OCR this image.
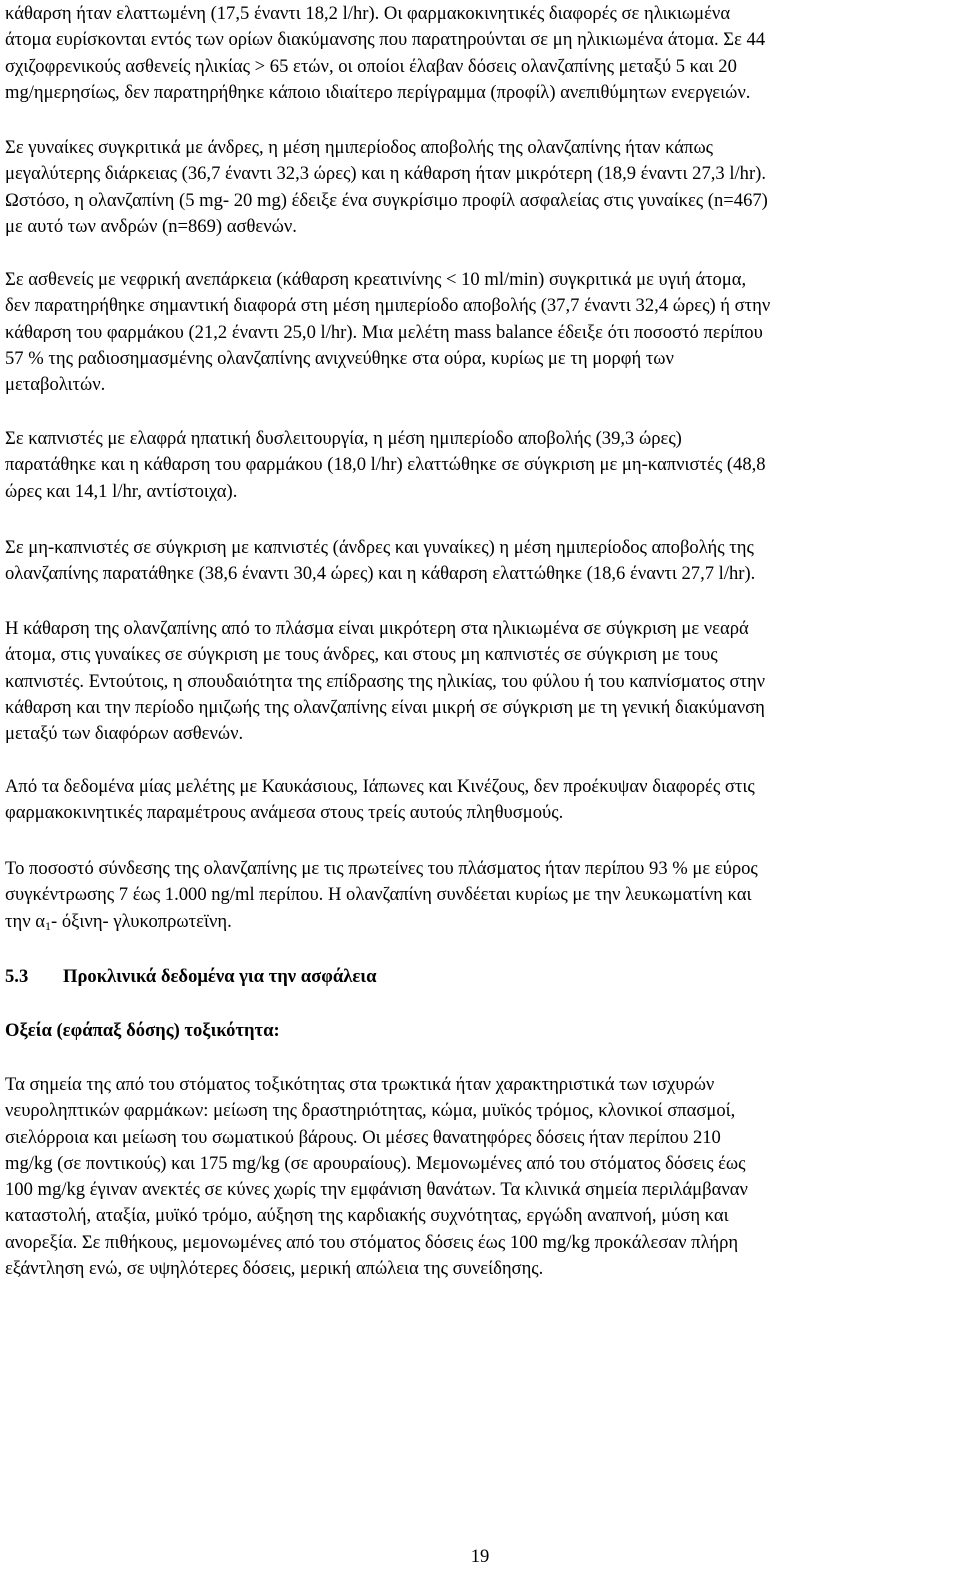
κάθαρση ήταν ελαττωμένη (17,5 έναντι 18,2 l/hr). Οι φαρμακοκινητικές διαφορές σε ηλικιωμένα
άτομα ευρίσκονται εντός των ορίων διακύμανσης που παρατηρούνται σε μη ηλικιωμένα άτομα. Σε 44
σχιζοφρενικούς ασθενείς ηλικίας > 65 ετών, οι οποίοι έλαβαν δόσεις ολανζαπίνης μεταξύ 5 και 20
mg/ημερησίως, δεν παρατηρήθηκε κάποιο ιδιαίτερο περίγραμμα (προφίλ) ανεπιθύμητων ενεργειών.

Σε γυναίκες συγκριτικά με άνδρες, η μέση ημιπερίοδος αποβολής της ολανζαπίνης ήταν κάπως
μεγαλύτερης διάρκειας (36,7 έναντι 32,3 ώρες) και η κάθαρση ήταν μικρότερη (18,9 έναντι 27,3 l/hr).
Ωστόσο, η ολανζαπίνη (5 mg- 20 mg) έδειξε ένα συγκρίσιμο προφίλ ασφαλείας στις γυναίκες (n=467)
με αυτό των ανδρών (n=869) ασθενών.

Σε ασθενείς με νεφρική ανεπάρκεια (κάθαρση κρεατινίνης < 10 ml/min) συγκριτικά με υγιή άτομα,
δεν παρατηρήθηκε σημαντική διαφορά στη μέση ημιπερίοδο αποβολής (37,7 έναντι 32,4 ώρες) ή στην
κάθαρση του φαρμάκου (21,2 έναντι 25,0 l/hr). Μια μελέτη mass balance έδειξε ότι ποσοστό περίπου
57 % της ραδιοσημασμένης ολανζαπίνης ανιχνεύθηκε στα ούρα, κυρίως με τη μορφή των
μεταβολιτών.

Σε καπνιστές με ελαφρά ηπατική δυσλειτουργία, η μέση ημιπερίοδο αποβολής (39,3 ώρες)
παρατάθηκε και η κάθαρση του φαρμάκου (18,0 l/hr) ελαττώθηκε σε σύγκριση με μη-καπνιστές (48,8
ώρες και 14,1 l/hr, αντίστοιχα).

Σε μη-καπνιστές σε σύγκριση με καπνιστές (άνδρες και γυναίκες) η μέση ημιπερίοδος αποβολής της
ολανζαπίνης παρατάθηκε (38,6 έναντι 30,4 ώρες) και η κάθαρση ελαττώθηκε (18,6 έναντι 27,7 l/hr).

Η κάθαρση της ολανζαπίνης από το πλάσμα είναι μικρότερη στα ηλικιωμένα σε σύγκριση με νεαρά
άτομα, στις γυναίκες σε σύγκριση με τους άνδρες, και στους μη καπνιστές σε σύγκριση με τους
καπνιστές. Εντούτοις, η σπουδαιότητα της επίδρασης της ηλικίας, του φύλου ή του καπνίσματος στην
κάθαρση και την περίοδο ημιζωής της ολανζαπίνης είναι μικρή σε σύγκριση με τη γενική διακύμανση
μεταξύ των διαφόρων ασθενών.

Από τα δεδομένα μίας μελέτης με Καυκάσιους, Ιάπωνες και Κινέζους, δεν προέκυψαν διαφορές στις
φαρμακοκινητικές παραμέτρους ανάμεσα στους τρείς αυτούς πληθυσμούς.

Το ποσοστό σύνδεσης της ολανζαπίνης με τις πρωτείνες του πλάσματος ήταν περίπου 93 % με εύρος
συγκέντρωσης 7 έως 1.000 ng/ml περίπου. Η ολανζαπίνη συνδέεται κυρίως με την λευκωματίνη και
την $\alpha_1-$ όξινη- γλυκοπρωτεϊνη.

5.3 Προκλινικά δεδομένα για την ασφάλεια
Οξεία (εφάπαξ δόσης) τοξικότητα:

Τα σημεία της από του στόματος τοξικότητας στα τρωκτικά ήταν χαρακτηριστικά των ισχυρών
νευροληπτικών φαρμάκων: μείωση της δραστηριότητας, κώμα, μυϊκός τρόμος, κλονικοί σπασμοί,
σιελόρροια και μείωση του σωματικού βάρους. Οι μέσες θανατηφόρες δόσεις ήταν περίπου 210
mg/kg (σε ποντικούς) και 175 mg/kg (σε αρουραίους). Μεμονωμένες από του στόματος δόσεις έως
100 mg/kg έγιναν ανεκτές σε κύνες χωρίς την εμφάνιση θανάτων. Τα κλινικά σημεία περιλάμβαναν
καταστολή, αταξία, μυϊκό τρόμο, αύξηση της καρδιακής συχνότητας, εργώδη αναπνοή, μύση και
ανορεξία. Σε πιθήκους, μεμονωμένες από του στόματος δόσεις έως 100 mg/kg προκάλεσαν πλήρη
εξάντληση ενώ, σε υψηλότερες δόσεις, μερική απώλεια της συνείδησης.

19
